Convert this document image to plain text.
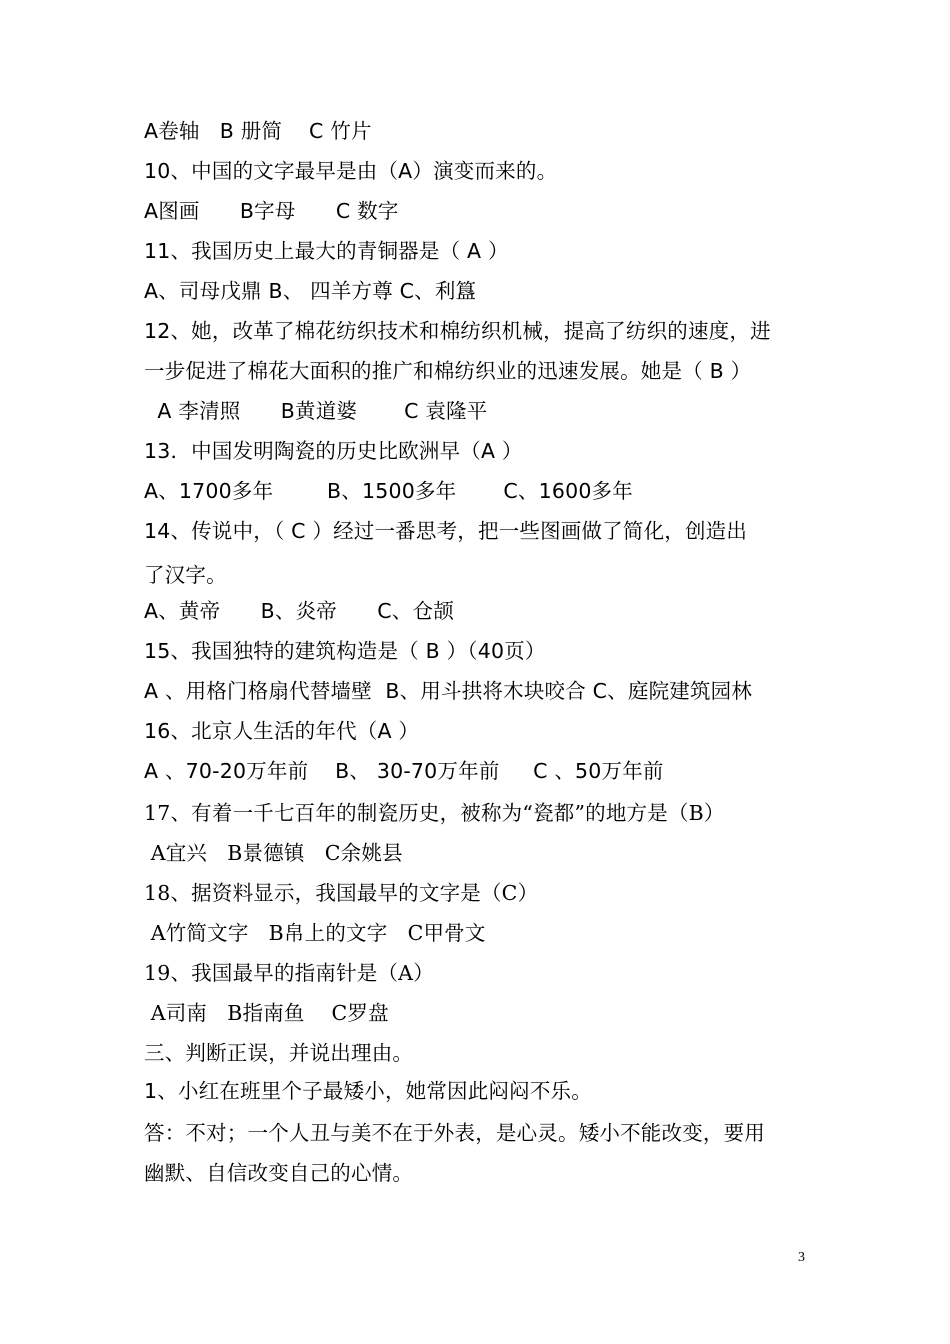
A卷轴   B 册简    C 竹片
10、中国的文字最早是由（A）演变而来的。
A图画      B字母      C 数字
11、我国历史上最大的青铜器是（ A ）
A、司母戊鼎 B、 四羊方尊 C、利簋
12、她，改革了棉花纺织技术和棉纺织机械，提高了纺织的速度，进
一步促进了棉花大面积的推广和棉纺织业的迅速发展。她是（ B ）
A 李清照      B黄道婆       C 袁隆平
13．中国发明陶瓷的历史比欧洲早（A ）
A、1700多年        B、1500多年       C、1600多年
14、传说中，（ C ）经过一番思考，把一些图画做了简化，创造出
了汉字。
A、黄帝      B、炎帝      C、仓颉
15、我国独特的建筑构造是（ B ）（40页）
A 、用格门格扇代替墙壁  B、用斗拱将木块咬合 C、庭院建筑园林
16、北京人生活的年代（A ）
A 、70-20万年前    B、 30-70万年前     C 、50万年前
17、有着一千七百年的制瓷历史，被称为“瓷都”的地方是（B）
A宜兴   B景德镇   C余姚县
18、据资料显示，我国最早的文字是（C）
A竹简文字   B帛上的文字   C甲骨文
19、我国最早的指南针是（A）
A司南   B指南鱼    C罗盘
三、判断正误，并说出理由。
1、小红在班里个子最矮小，她常因此闷闷不乐。
答：不对；一个人丑与美不在于外表，是心灵。矮小不能改变，要用
幽默、自信改变自己的心情。
3
